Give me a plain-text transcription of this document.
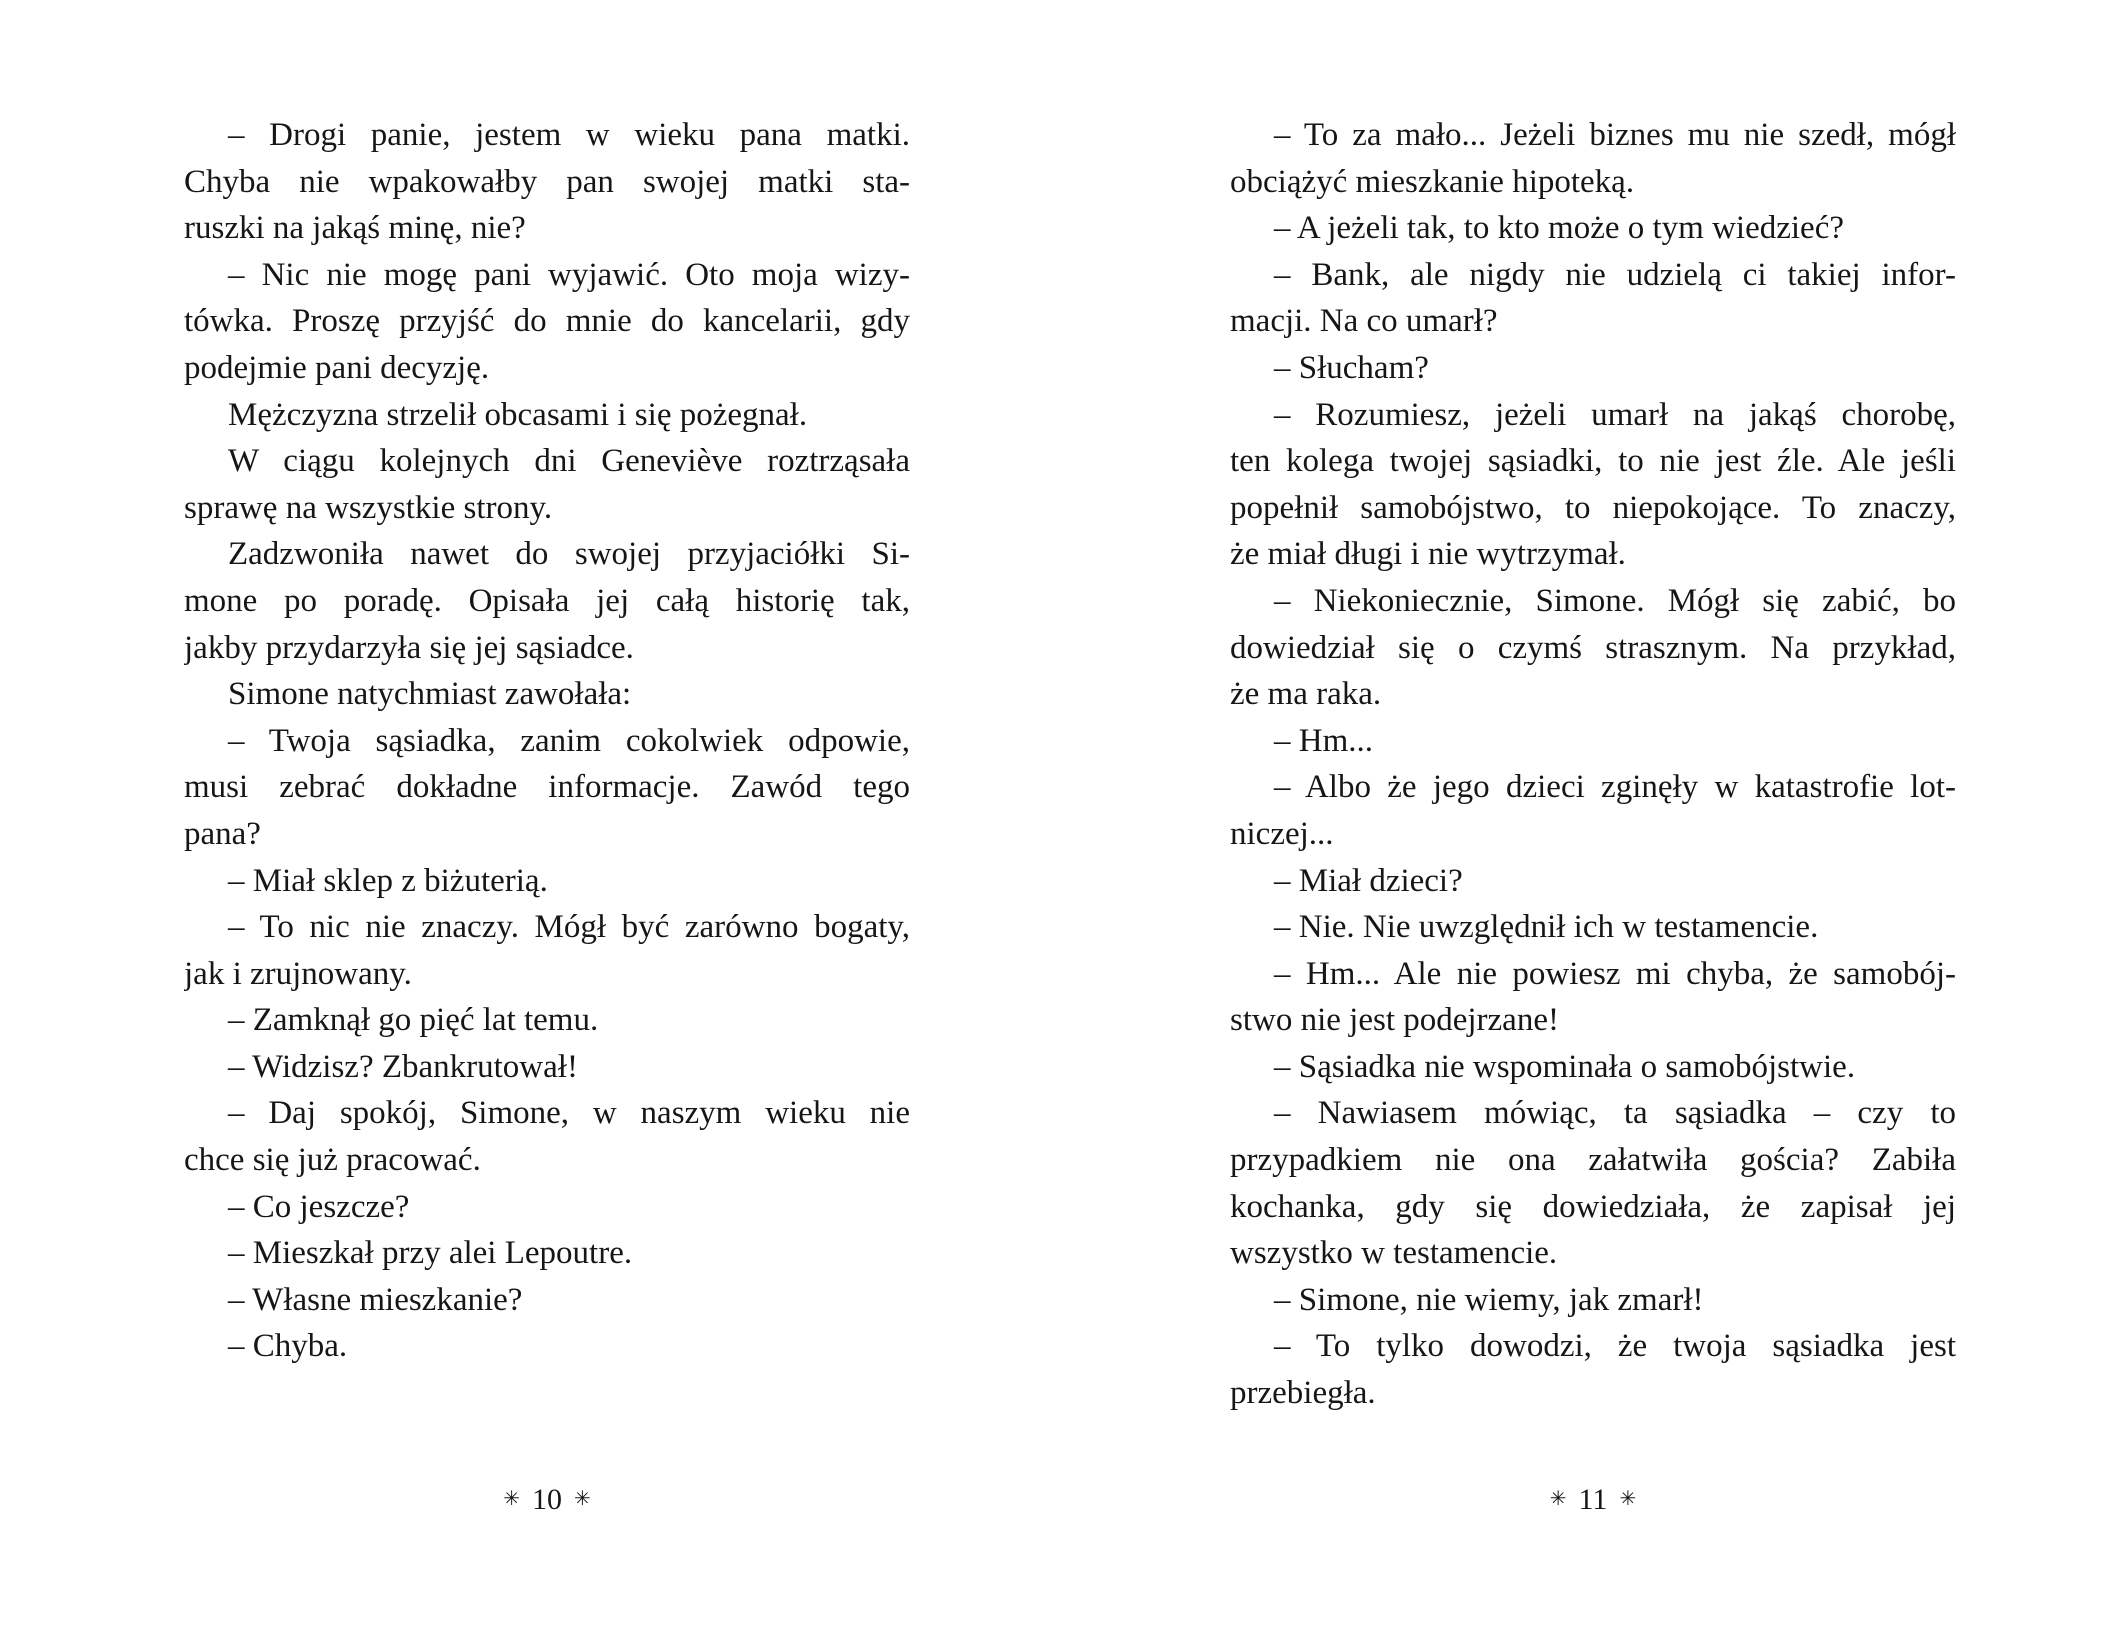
– Drogi panie, jestem w wieku pana matki.
Chyba nie wpakowałby pan swojej matki sta-
ruszki na jakąś minę, nie?
– Nic nie mogę pani wyjawić. Oto moja wizy-
tówka. Proszę przyjść do mnie do kancelarii, gdy
podejmie pani decyzję.
Mężczyzna strzelił obcasami i się pożegnał.
W ciągu kolejnych dni Geneviève roztrząsała
sprawę na wszystkie strony.
Zadzwoniła nawet do swojej przyjaciółki Si-
mone po poradę. Opisała jej całą historię tak,
jakby przydarzyła się jej sąsiadce.
Simone natychmiast zawołała:
– Twoja sąsiadka, zanim cokolwiek odpowie,
musi zebrać dokładne informacje. Zawód tego
pana?
– Miał sklep z biżuterią.
– To nic nie znaczy. Mógł być zarówno bogaty,
jak i zrujnowany.
– Zamknął go pięć lat temu.
– Widzisz? Zbankrutował!
– Daj spokój, Simone, w naszym wieku nie
chce się już pracować.
– Co jeszcze?
– Mieszkał przy alei Lepoutre.
– Własne mieszkanie?
– Chyba.
✳ 10 ✳
– To za mało... Jeżeli biznes mu nie szedł, mógł
obciążyć mieszkanie hipoteką.
– A jeżeli tak, to kto może o tym wiedzieć?
– Bank, ale nigdy nie udzielą ci takiej infor-
macji. Na co umarł?
– Słucham?
– Rozumiesz, jeżeli umarł na jakąś chorobę,
ten kolega twojej sąsiadki, to nie jest źle. Ale jeśli
popełnił samobójstwo, to niepokojące. To znaczy,
że miał długi i nie wytrzymał.
– Niekoniecznie, Simone. Mógł się zabić, bo
dowiedział się o czymś strasznym. Na przykład,
że ma raka.
– Hm...
– Albo że jego dzieci zginęły w katastrofie lot-
niczej...
– Miał dzieci?
– Nie. Nie uwzględnił ich w testamencie.
– Hm... Ale nie powiesz mi chyba, że samobój-
stwo nie jest podejrzane!
– Sąsiadka nie wspominała o samobójstwie.
– Nawiasem mówiąc, ta sąsiadka – czy to
przypadkiem nie ona załatwiła gościa? Zabiła
kochanka, gdy się dowiedziała, że zapisał jej
wszystko w testamencie.
– Simone, nie wiemy, jak zmarł!
– To tylko dowodzi, że twoja sąsiadka jest
przebiegła.
✳ 11 ✳
